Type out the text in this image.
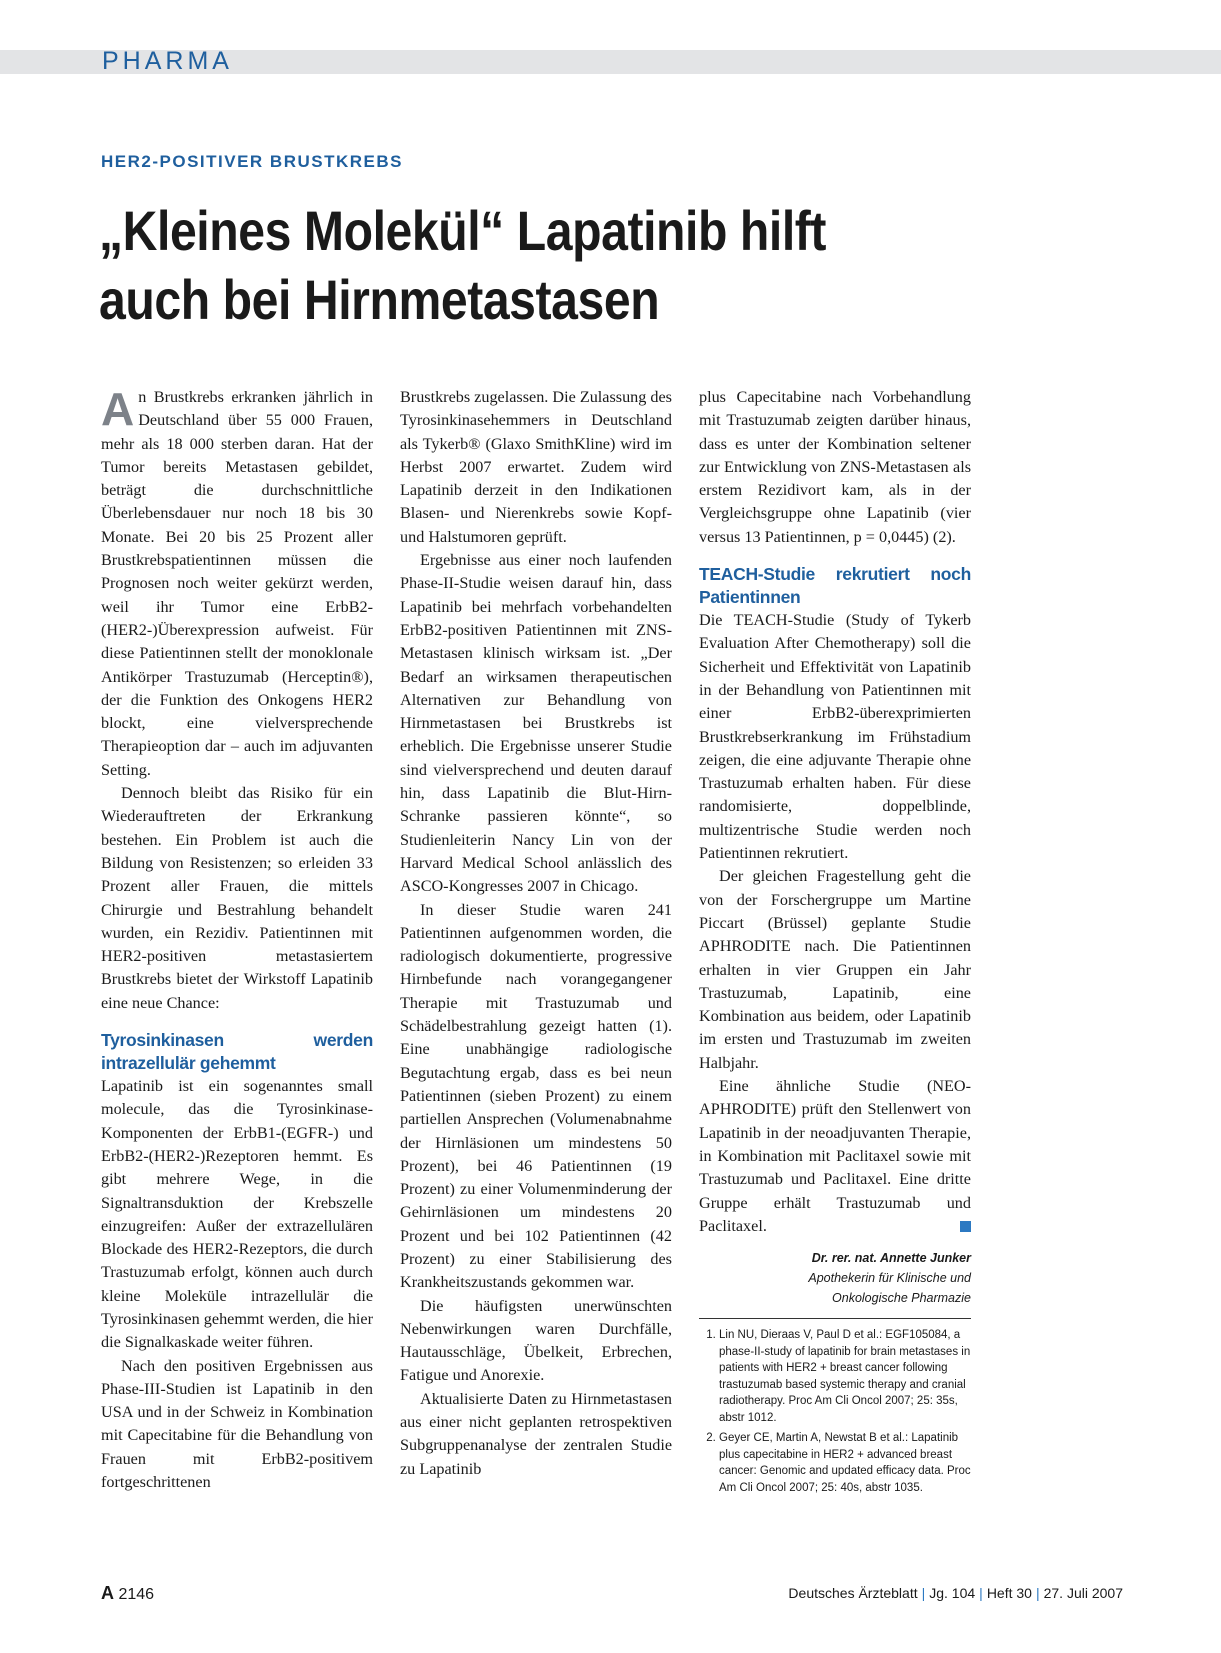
PHARMA
HER2-POSITIVER BRUSTKREBS
„Kleines Molekül“ Lapatinib hilft
auch bei Hirnmetastasen

An Brustkrebs erkranken jährlich in Deutschland über 55 000 Frauen, mehr als 18 000 sterben daran. Hat der Tumor bereits Metastasen gebildet, beträgt die durchschnittliche Überlebensdauer nur noch 18 bis 30 Monate. Bei 20 bis 25 Prozent aller Brustkrebspatientinnen müssen die Prognosen noch weiter gekürzt werden, weil ihr Tumor eine ErbB2-(HER2-)Überexpression aufweist. Für diese Patientinnen stellt der monoklonale Antikörper Trastuzumab (Herceptin®), der die Funktion des Onkogens HER2 blockt, eine vielversprechende Therapieoption dar – auch im adjuvanten Setting.

Dennoch bleibt das Risiko für ein Wiederauftreten der Erkrankung bestehen. Ein Problem ist auch die Bildung von Resistenzen; so erleiden 33 Prozent aller Frauen, die mittels Chirurgie und Bestrahlung behandelt wurden, ein Rezidiv. Patientinnen mit HER2-positiven metastasiertem Brustkrebs bietet der Wirkstoff Lapatinib eine neue Chance:

Tyrosinkinasen werden intrazellulär gehemmt

Lapatinib ist ein sogenanntes small molecule, das die Tyrosinkinase-Komponenten der ErbB1-(EGFR-) und ErbB2-(HER2-)Rezeptoren hemmt. Es gibt mehrere Wege, in die Signaltransduktion der Krebszelle einzugreifen: Außer der extrazellulären Blockade des HER2-Rezeptors, die durch Trastuzumab erfolgt, können auch durch kleine Moleküle intrazellulär die Tyrosinkinasen gehemmt werden, die hier die Signalkaskade weiter führen.

Nach den positiven Ergebnissen aus Phase-III-Studien ist Lapatinib in den USA und in der Schweiz in Kombination mit Capecitabine für die Behandlung von Frauen mit ErbB2-positivem fortgeschrittenen

Brustkrebs zugelassen. Die Zulassung des Tyrosinkinasehemmers in Deutschland als Tykerb® (Glaxo SmithKline) wird im Herbst 2007 erwartet. Zudem wird Lapatinib derzeit in den Indikationen Blasen- und Nierenkrebs sowie Kopf- und Halstumoren geprüft.

Ergebnisse aus einer noch laufenden Phase-II-Studie weisen darauf hin, dass Lapatinib bei mehrfach vorbehandelten ErbB2-positiven Patientinnen mit ZNS-Metastasen klinisch wirksam ist. „Der Bedarf an wirksamen therapeutischen Alternativen zur Behandlung von Hirnmetastasen bei Brustkrebs ist erheblich. Die Ergebnisse unserer Studie sind vielversprechend und deuten darauf hin, dass Lapatinib die Blut-Hirn-Schranke passieren könnte“, so Studienleiterin Nancy Lin von der Harvard Medical School anlässlich des ASCO-Kongresses 2007 in Chicago.

In dieser Studie waren 241 Patientinnen aufgenommen worden, die radiologisch dokumentierte, progressive Hirnbefunde nach vorangegangener Therapie mit Trastuzumab und Schädelbestrahlung gezeigt hatten (1). Eine unabhängige radiologische Begutachtung ergab, dass es bei neun Patientinnen (sieben Prozent) zu einem partiellen Ansprechen (Volumenabnahme der Hirnläsionen um mindestens 50 Prozent), bei 46 Patientinnen (19 Prozent) zu einer Volumenminderung der Gehirnläsionen um mindestens 20 Prozent und bei 102 Patientinnen (42 Prozent) zu einer Stabilisierung des Krankheitszustands gekommen war.

Die häufigsten unerwünschten Nebenwirkungen waren Durchfälle, Hautausschläge, Übelkeit, Erbrechen, Fatigue und Anorexie.

Aktualisierte Daten zu Hirnmetastasen aus einer nicht geplanten retrospektiven Subgruppenanalyse der zentralen Studie zu Lapatinib

plus Capecitabine nach Vorbehandlung mit Trastuzumab zeigten darüber hinaus, dass es unter der Kombination seltener zur Entwicklung von ZNS-Metastasen als erstem Rezidivort kam, als in der Vergleichsgruppe ohne Lapatinib (vier versus 13 Patientinnen, p = 0,0445) (2).

TEACH-Studie rekrutiert noch Patientinnen

Die TEACH-Studie (Study of Tykerb Evaluation After Chemotherapy) soll die Sicherheit und Effektivität von Lapatinib in der Behandlung von Patientinnen mit einer ErbB2-überexprimierten Brustkrebserkrankung im Frühstadium zeigen, die eine adjuvante Therapie ohne Trastuzumab erhalten haben. Für diese randomisierte, doppelblinde, multizentrische Studie werden noch Patientinnen rekrutiert.

Der gleichen Fragestellung geht die von der Forschergruppe um Martine Piccart (Brüssel) geplante Studie APHRODITE nach. Die Patientinnen erhalten in vier Gruppen ein Jahr Trastuzumab, Lapatinib, eine Kombination aus beidem, oder Lapatinib im ersten und Trastuzumab im zweiten Halbjahr.

Eine ähnliche Studie (NEO-APHRODITE) prüft den Stellenwert von Lapatinib in der neoadjuvanten Therapie, in Kombination mit Paclitaxel sowie mit Trastuzumab und Paclitaxel. Eine dritte Gruppe erhält Trastuzumab und Paclitaxel.

Dr. rer. nat. Annette Junker
Apothekerin für Klinische und
Onkologische Pharmazie
1. Lin NU, Dieraas V, Paul D et al.: EGF105084, a phase-II-study of lapatinib for brain metastases in patients with HER2 + breast cancer following trastuzumab based systemic therapy and cranial radiotherapy. Proc Am Cli Oncol 2007; 25: 35s, abstr 1012.
2. Geyer CE, Martin A, Newstat B et al.: Lapatinib plus capecitabine in HER2 + advanced breast cancer: Genomic and updated efficacy data. Proc Am Cli Oncol 2007; 25: 40s, abstr 1035.
A 2146	Deutsches Ärzteblatt | Jg. 104 | Heft 30 | 27. Juli 2007
